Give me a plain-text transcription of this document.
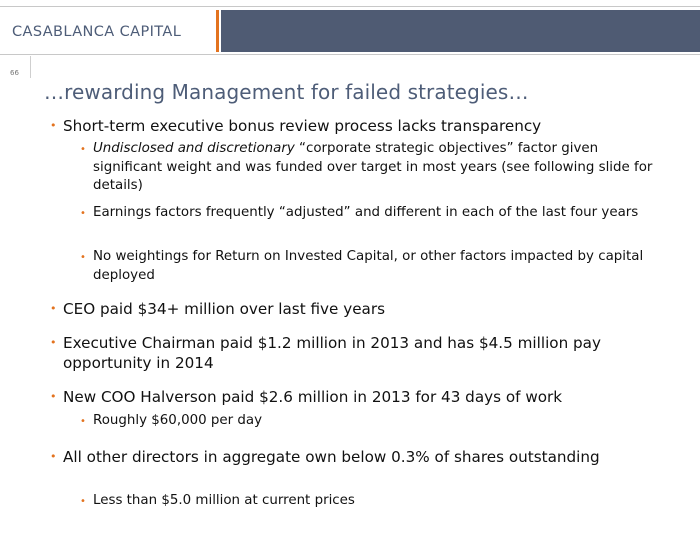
CASABLANCA CAPITAL
66
…rewarding Management for failed strategies…
• Short-term executive bonus review process lacks transparency
• Undisclosed and discretionary “corporate strategic objectives” factor given significant weight and was funded over target in most years (see following slide for details)
• Earnings factors frequently “adjusted” and different in each of the last four years
• No weightings for Return on Invested Capital, or other factors impacted by capital deployed
• CEO paid $34+ million over last five years
• Executive Chairman paid $1.2 million in 2013 and has $4.5 million pay opportunity in 2014
• New COO Halverson paid $2.6 million in 2013 for 43 days of work
• Roughly $60,000 per day
• All other directors in aggregate own below 0.3% of shares outstanding
• Less than $5.0 million at current prices
